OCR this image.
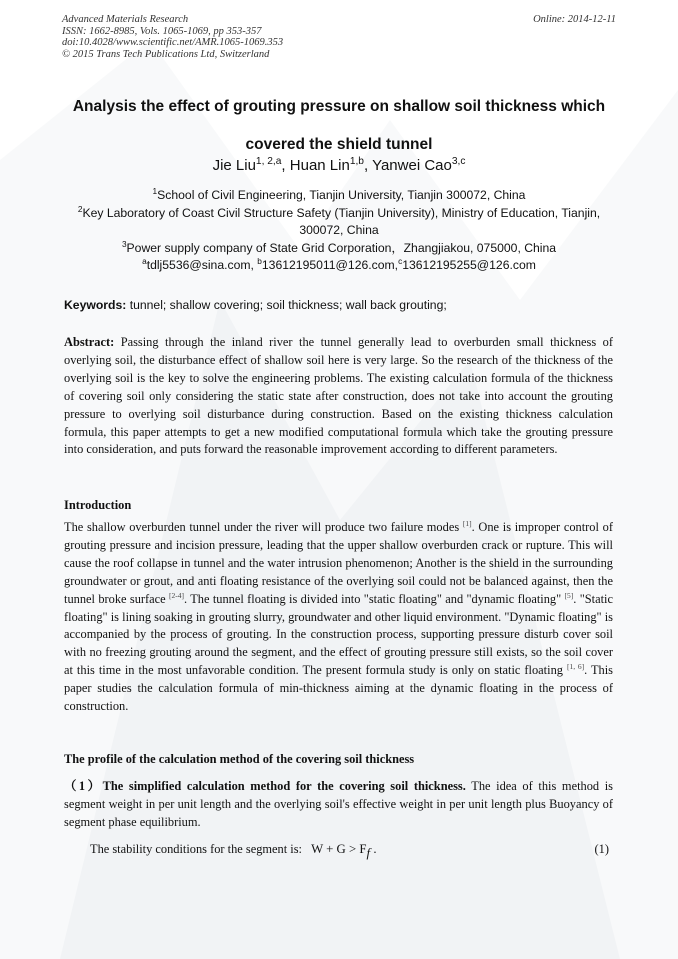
Advanced Materials Research
ISSN: 1662-8985, Vols. 1065-1069, pp 353-357
doi:10.4028/www.scientific.net/AMR.1065-1069.353
© 2015 Trans Tech Publications Ltd, Switzerland
Online: 2014-12-11
Analysis the effect of grouting pressure on shallow soil thickness which
covered the shield tunnel
Jie Liu$^{1, 2,a}$, Huan Lin$^{1,b}$, Yanwei Cao$^{3,c}$
$^1$School of Civil Engineering, Tianjin University, Tianjin 300072, China
$^2$Key Laboratory of Coast Civil Structure Safety (Tianjin University), Ministry of Education, Tianjin,
300072, China
$^3$Power supply company of State Grid Corporation，Zhangjiakou, 075000, China
$^a$tdlj5536@sina.com, $^b$13612195011@126.com,$^c$13612195255@126.com
Keywords: tunnel; shallow covering; soil thickness; wall back grouting;
Abstract: Passing through the inland river the tunnel generally lead to overburden small thickness of overlying soil, the disturbance effect of shallow soil here is very large. So the research of the thickness of the overlying soil is the key to solve the engineering problems. The existing calculation formula of the thickness of covering soil only considering the static state after construction, does not take into account the grouting pressure to overlying soil disturbance during construction. Based on the existing thickness calculation formula, this paper attempts to get a new modified computational formula which take the grouting pressure into consideration, and puts forward the reasonable improvement according to different parameters.
Introduction
The shallow overburden tunnel under the river will produce two failure modes [1]. One is improper control of grouting pressure and incision pressure, leading that the upper shallow overburden crack or rupture. This will cause the roof collapse in tunnel and the water intrusion phenomenon; Another is the shield in the surrounding groundwater or grout, and anti floating resistance of the overlying soil could not be balanced against, then the tunnel broke surface [2-4]. The tunnel floating is divided into "static floating" and "dynamic floating" [5]. "Static floating" is lining soaking in grouting slurry, groundwater and other liquid environment. "Dynamic floating" is accompanied by the process of grouting. In the construction process, supporting pressure disturb cover soil with no freezing grouting around the segment, and the effect of grouting pressure still exists, so the soil cover at this time in the most unfavorable condition. The present formula study is only on static floating [1, 6]. This paper studies the calculation formula of min-thickness aiming at the dynamic floating in the process of construction.
The profile of the calculation method of the covering soil thickness
（1）The simplified calculation method for the covering soil thickness. The idea of this method is segment weight in per unit length and the overlying soil's effective weight in per unit length plus Buoyancy of segment phase equilibrium.
The stability conditions for the segment is: W + G > Ff .	(1)
